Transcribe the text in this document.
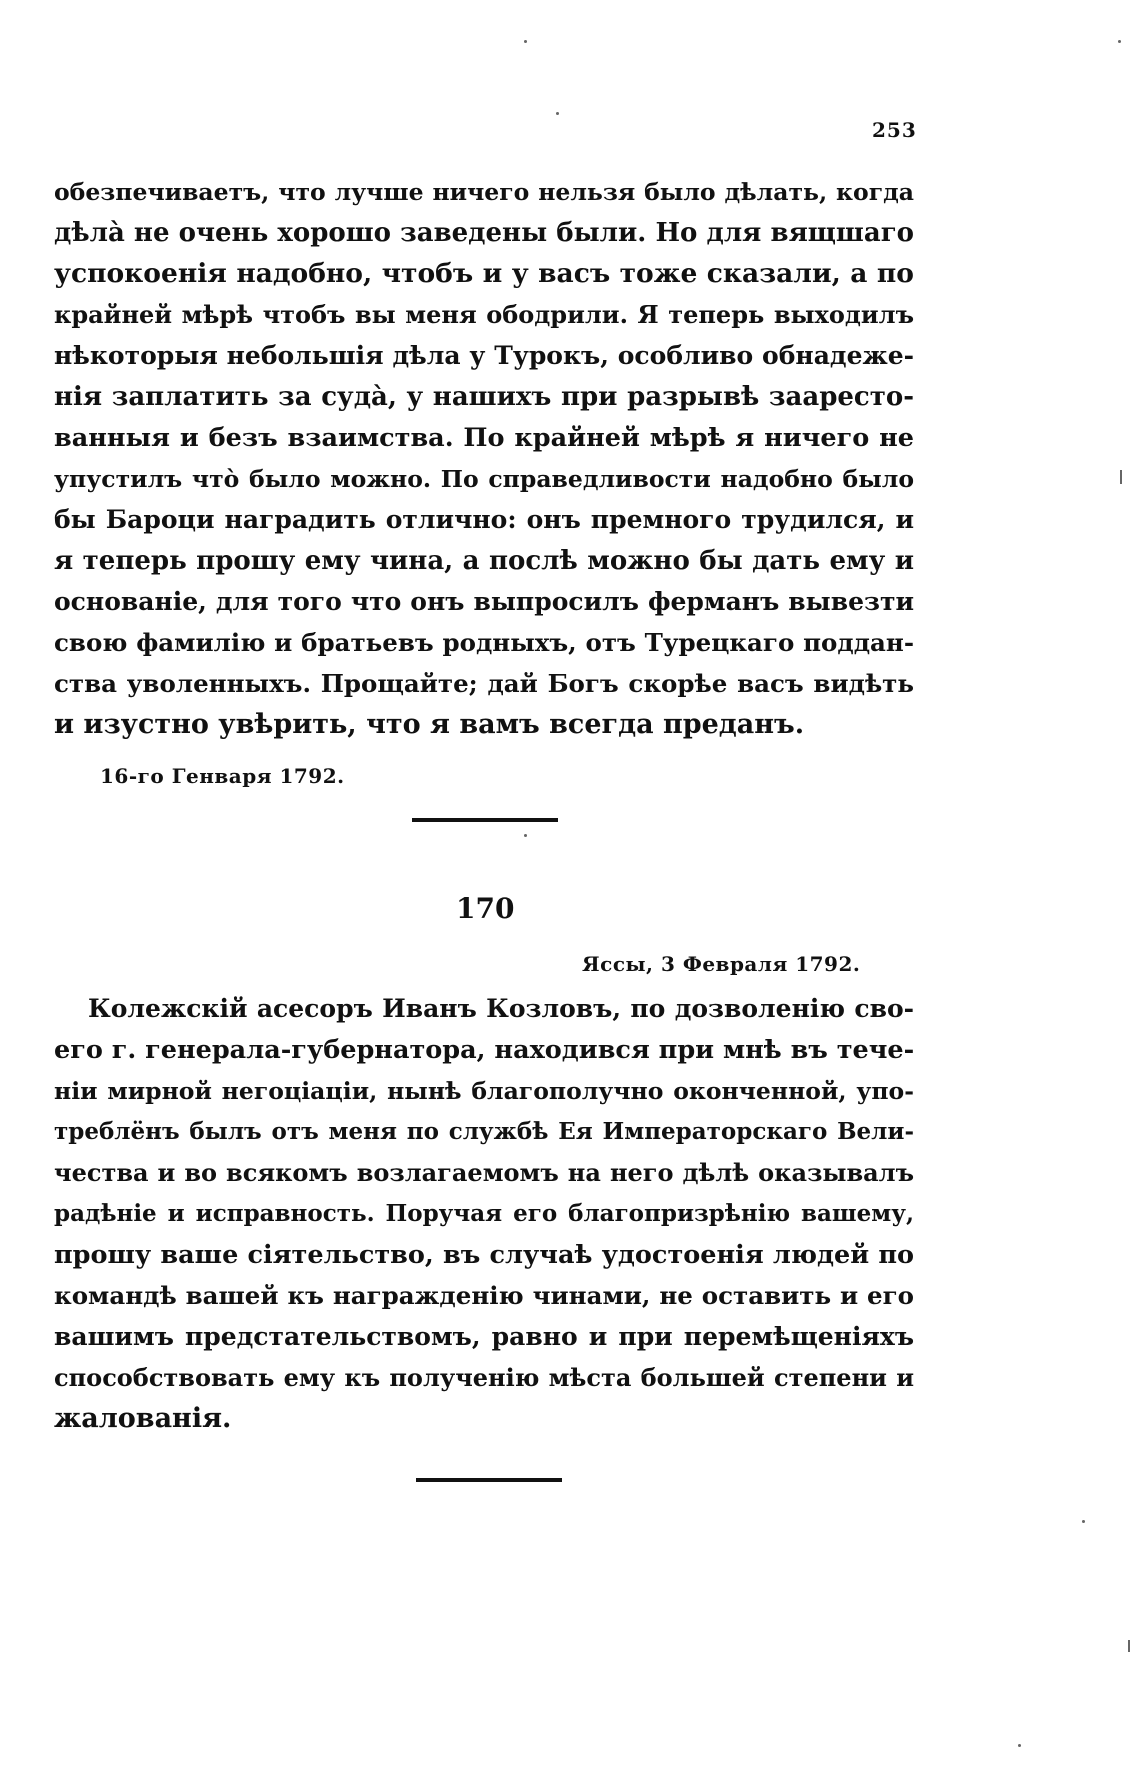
253
обезпечиваетъ, что лучше ничего нельзя было дѣлать, когда
дѣлà не очень хорошо заведены были. Но для вящшаго
успокоенія надобно, чтобъ и у васъ тоже сказали, а по
крайней мѣрѣ чтобъ вы меня ободрили. Я теперь выходилъ
нѣкоторыя небольшія дѣла у Турокъ, особливо обнадеже-
нія заплатить за судà, у нашихъ при разрывѣ зааресто-
ванныя и безъ взаимства. По крайней мѣрѣ я ничего не
упустилъ чтò было можно. По справедливости надобно было
бы Бароци наградить отлично: онъ премного трудился, и
я теперь прошу ему чина, а послѣ можно бы дать ему и
основаніе, для того что онъ выпросилъ ферманъ вывезти
свою фамилію и братьевъ родныхъ, отъ Турецкаго поддан-
ства уволенныхъ. Прощайте; дай Богъ скорѣе васъ видѣть
и изустно увѣрить, что я вамъ всегда преданъ.
16-го Генваря 1792.
170
Яссы, 3 Февраля 1792.
Колежскій асесоръ Иванъ Козловъ, по дозволенію сво-
его г. генерала-губернатора, находився при мнѣ въ тече-
ніи мирной негоціаціи, нынѣ благополучно оконченной, упо-
треблёнъ былъ отъ меня по службѣ Ея Императорскаго Вели-
чества и во всякомъ возлагаемомъ на него дѣлѣ оказывалъ
радѣніе и исправность. Поручая его благопризрѣнію вашему,
прошу ваше сіятельство, въ случаѣ удостоенія людей по
командѣ вашей къ награжденію чинами, не оставить и его
вашимъ предстательствомъ, равно и при перемѣщеніяхъ
способствовать ему къ полученію мѣста большей степени и
жалованія.
